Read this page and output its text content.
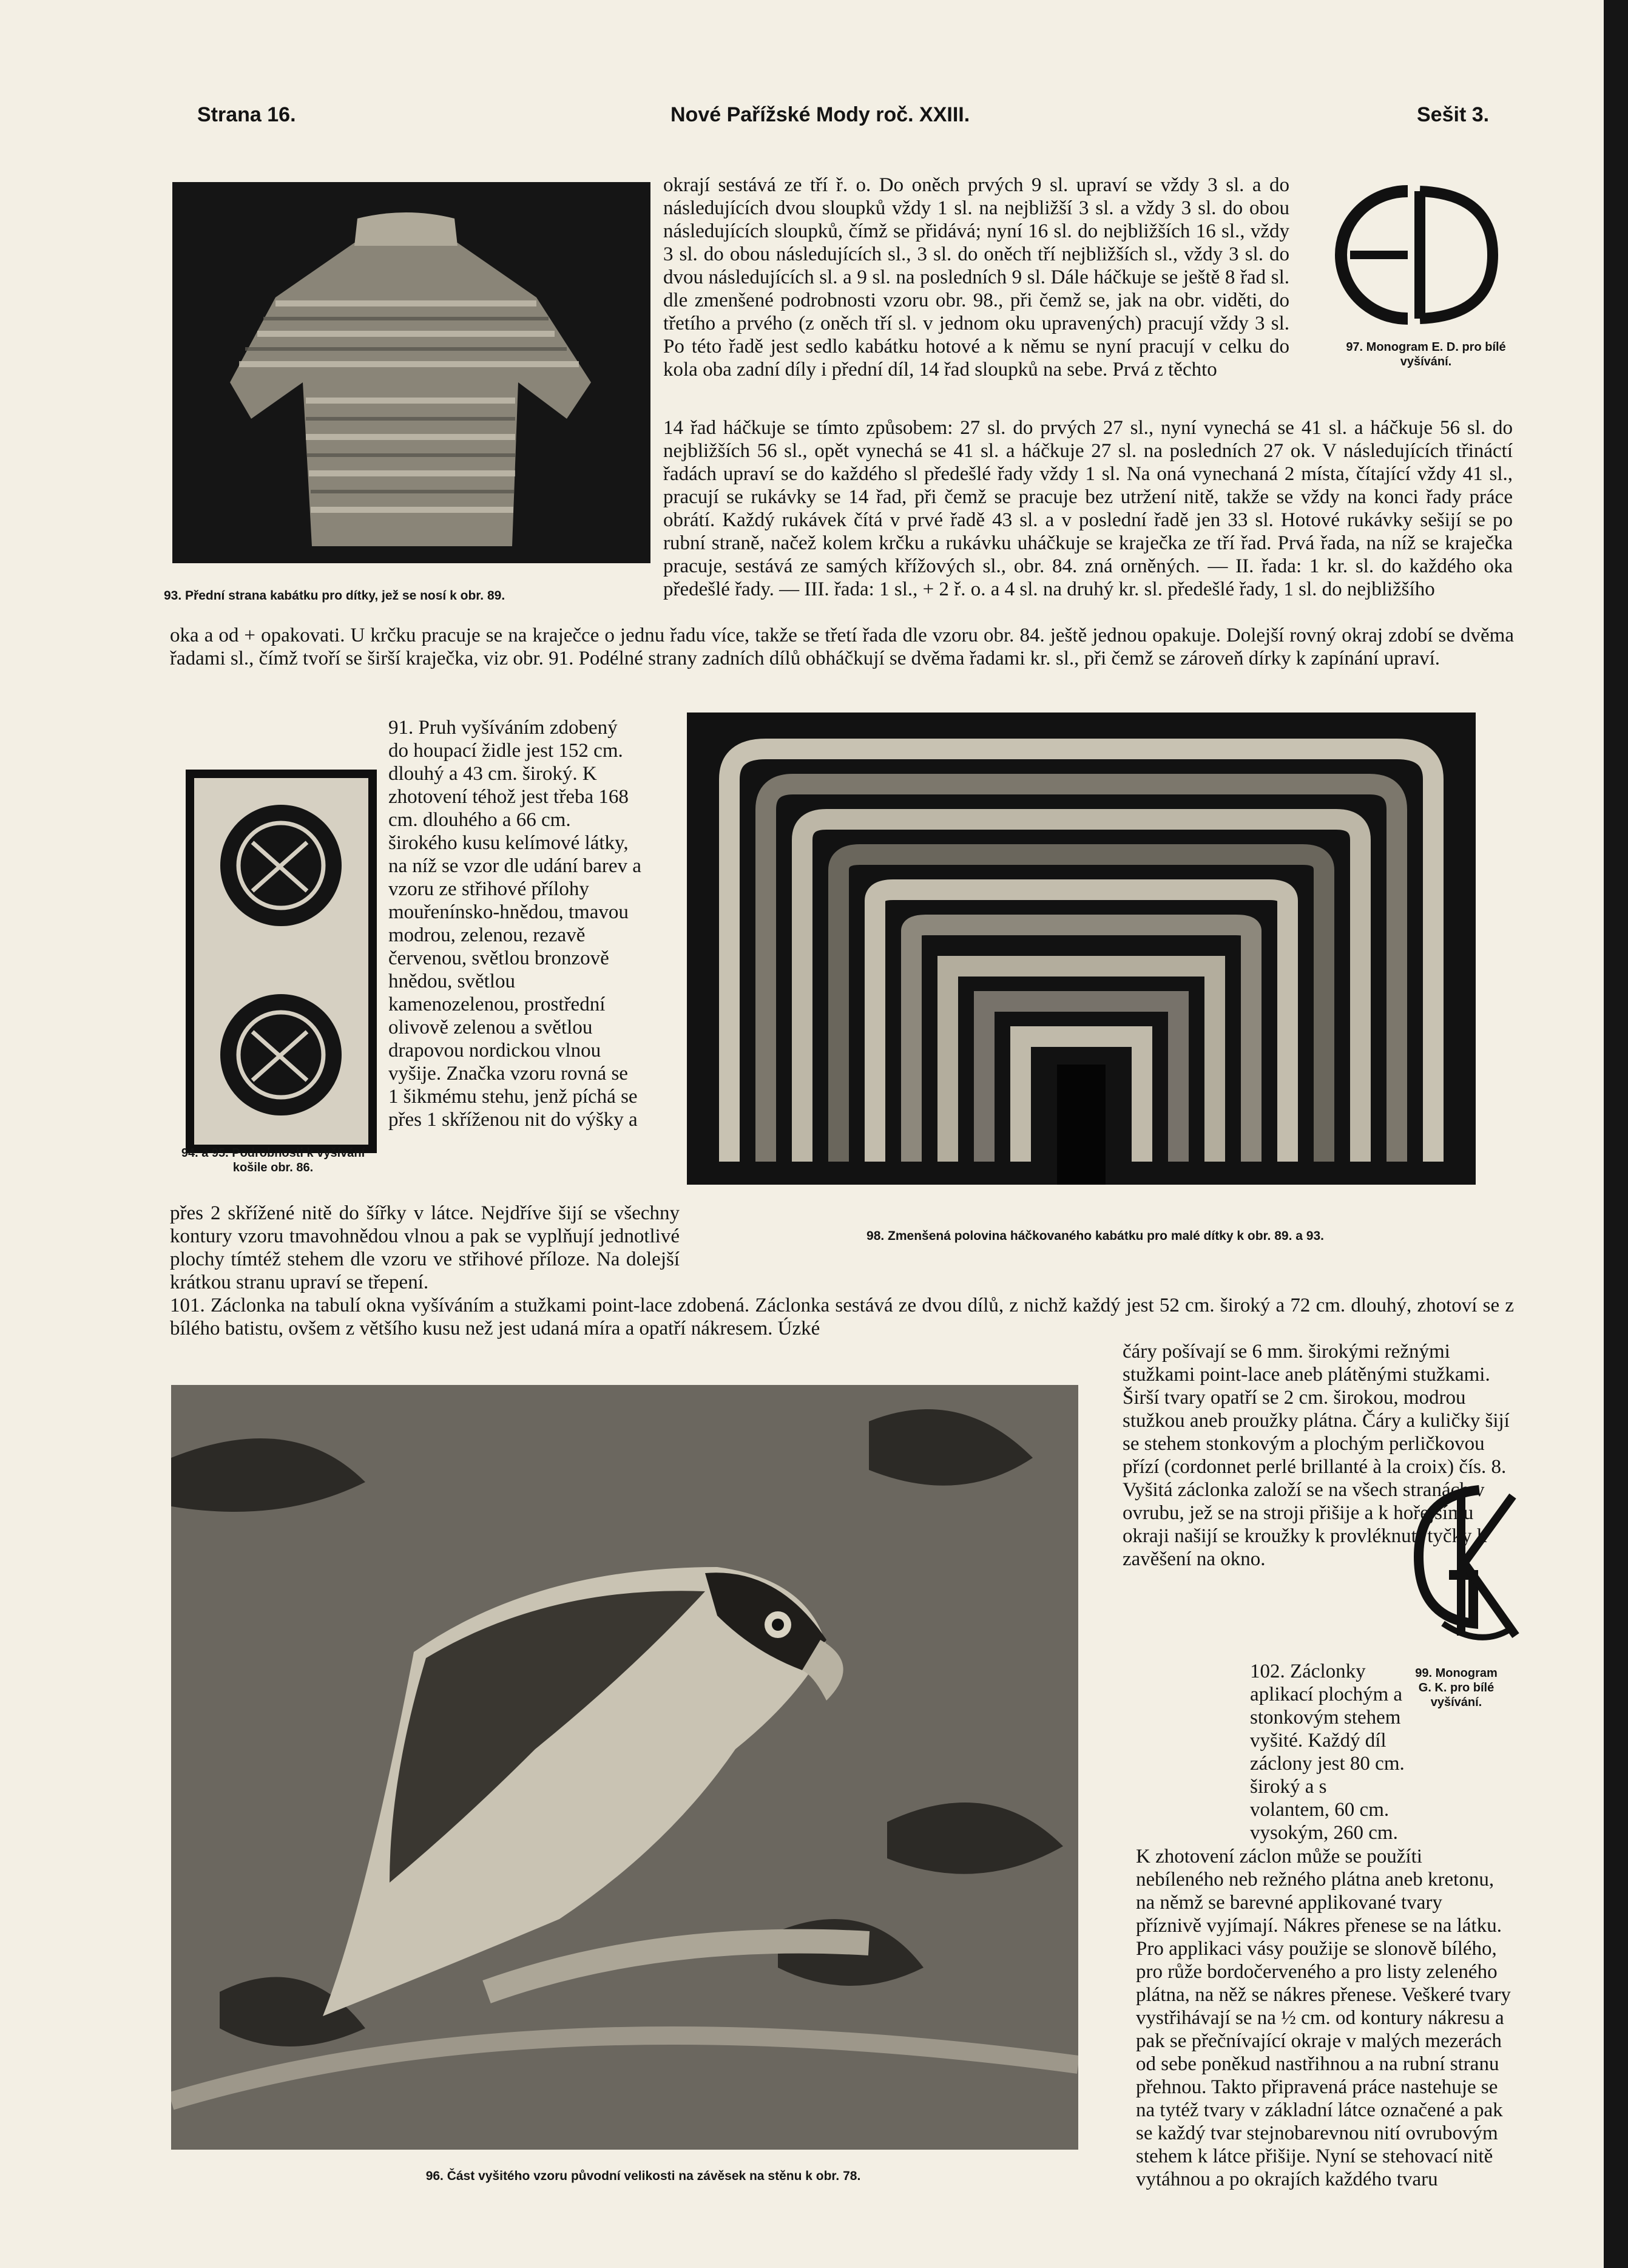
Strana 16.	Nové Pařížské Mody roč. XXIII.	Sešit 3.

93. Přední strana kabátku pro dítky, jež se nosí k obr. 89.

okrají sestává ze tří ř. o. Do oněch prvých 9 sl. upraví se vždy 3 sl. a do následujících dvou sloupků vždy 1 sl. na nejbližší 3 sl. a vždy 3 sl. do obou následujících sloupků, čímž se přidává; nyní 16 sl. do nejbližších 16 sl., vždy 3 sl. do obou následujících sl., 3 sl. do oněch tří nejbližších sl., vždy 3 sl. do dvou následujících sl. a 9 sl. na posledních 9 sl. Dále háčkuje se ještě 8 řad sl. dle zmenšené podrobnosti vzoru obr. 98., při čemž se, jak na obr. viděti, do třetího a prvého (z oněch tří sl. v jednom oku upravených) pracují vždy 3 sl. Po této řadě jest sedlo kabátku hotové a k němu se nyní pracují v celku do kola oba zadní díly i přední díl, 14 řad sloupků na sebe. Prvá z těchto

14 řad háčkuje se tímto způsobem: 27 sl. do prvých 27 sl., nyní vynechá se 41 sl. a háčkuje 56 sl. do nejbližších 56 sl., opět vynechá se 41 sl. a háčkuje 27 sl. na posledních 27 ok. V následujících třináctí řadách upraví se do každého sl předešlé řady vždy 1 sl. Na oná vynechaná 2 místa, čítající vždy 41 sl., pracují se rukávky se 14 řad, při čemž se pracuje bez utržení nitě, takže se vždy na konci řady práce obrátí. Každý rukávek čítá v prvé řadě 43 sl. a v poslední řadě jen 33 sl. Hotové rukávky sešijí se po rubní straně, načež kolem krčku a rukávku uháčkuje se kraječka ze tří řad. Prvá řada, na níž se kraječka pracuje, sestává ze samých křížových sl., obr. 84. zná orněných. — II. řada: 1 kr. sl. do každého oka předešlé řady. — III. řada: 1 sl., + 2 ř. o. a 4 sl. na druhý kr. sl. předešlé řady, 1 sl. do nejbližšího

97. Monogram E. D. pro bílé vyšívání.

oka a od + opakovati. U krčku pracuje se na kraječce o jednu řadu více, takže se třetí řada dle vzoru obr. 84. ještě jednou opakuje. Dolejší rovný okraj zdobí se dvěma řadami sl., čímž tvoří se širší kraječka, viz obr. 91. Podélné strany zadních dílů obháčkují se dvěma řadami kr. sl., při čemž se zároveň dírky k zapínání upraví.

94. a 95. Podrobnosti k vyšívání košile obr. 86.

91. Pruh vyšíváním zdobený do houpací židle jest 152 cm. dlouhý a 43 cm. široký. K zhotovení téhož jest třeba 168 cm. dlouhého a 66 cm. širokého kusu kelímové látky, na níž se vzor dle udání barev a vzoru ze střihové přílohy mouřenínsko-hnědou, tmavou modrou, zelenou, rezavě červenou, světlou bronzově hnědou, světlou kamenozelenou, prostřední olivově zelenou a světlou drapovou nordickou vlnou vyšije. Značka vzoru rovná se 1 šikmému stehu, jenž píchá se přes 1 skříženou nit do výšky a

přes 2 skřížené nitě do šířky v látce. Nejdříve šijí se všechny kontury vzoru tmavohnědou vlnou a pak se vyplňují jednotlivé plochy tímtéž stehem dle vzoru ve střihové příloze. Na dolejší krátkou stranu upraví se třepení.

98. Zmenšená polovina háčkovaného kabátku pro malé dítky k obr. 89. a 93.

101. Záclonka na tabulí okna vyšíváním a stužkami point-lace zdobená. Záclonka sestává ze dvou dílů, z nichž každý jest 52 cm. široký a 72 cm. dlouhý, zhotoví se z bílého batistu, ovšem z většího kusu než jest udaná míra a opatří nákresem. Úzké

čáry pošívají se 6 mm. širokými režnými stužkami point-lace aneb plátěnými stužkami. Širší tvary opatří se 2 cm. širokou, modrou stužkou aneb proužky plátna. Čáry a kuličky šijí se stehem stonkovým a plochým perličkovou přízí (cordonnet perlé brillanté à la croix) čís. 8. Vyšitá záclonka založí se na všech stranách v ovrubu, jež se na stroji přišije a k hořejšímu okraji našijí se kroužky k provléknutí tyčky k zavěšení na okno.

96. Část vyšitého vzoru původní velikosti na závěsek na stěnu k obr. 78.

99. Monogram G. K. pro bílé vyšívání.

102. Záclonky aplikací plochým a stonkovým stehem vyšité. Každý díl záclony jest 80 cm. široký a s volantem, 60 cm. vysokým, 260 cm.

K zhotovení záclon může se použíti nebíleného neb režného plátna aneb kretonu, na němž se barevné applikované tvary příznivě vyjímají. Nákres přenese se na látku. Pro applikaci vásy použije se slonově bílého, pro růže bordočerveného a pro listy zeleného plátna, na něž se nákres přenese. Veškeré tvary vystřihávají se na ½ cm. od kontury nákresu a pak se přečnívající okraje v malých mezerách od sebe poněkud nastřihnou a na rubní stranu přehnou. Takto připravená práce nastehuje se na tytéž tvary v základní látce označené a pak se každý tvar stejnobarevnou nití ovrubovým stehem k látce přišije. Nyní se stehovací nitě vytáhnou a po okrajích každého tvaru
